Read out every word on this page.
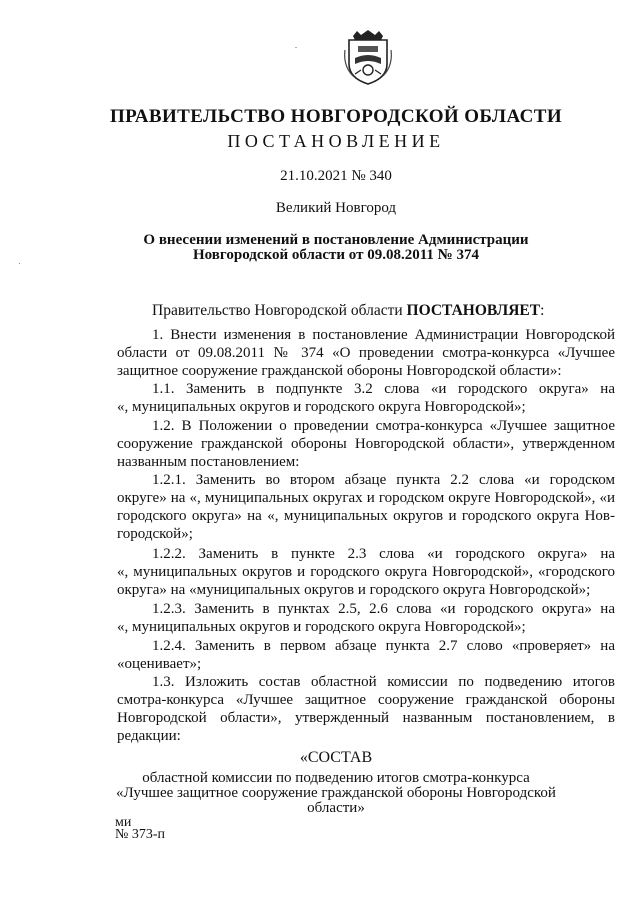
ПРАВИТЕЛЬСТВО НОВГОРОДСКОЙ ОБЛАСТИ
ПОСТАНОВЛЕНИЕ
21.10.2021 № 340
Великий Новгород
О внесении изменений в постановление Администрации
Новгородской области от 09.08.2011 № 374
Правительство Новгородской области ПОСТАНОВЛЯЕТ:
1. Внести изменения в постановление Администрации Новгородской
области от 09.08.2011 № 374 «О проведении смотра-конкурса «Лучшее
защитное сооружение гражданской обороны Новгородской области»:
1.1. Заменить в подпункте 3.2 слова «и городского округа» на
«, муниципальных округов и городского округа Новгородской»;
1.2. В Положении о проведении смотра-конкурса «Лучшее защитное
сооружение гражданской обороны Новгородской области», утвержденном
названным постановлением:
1.2.1. Заменить во втором абзаце пункта 2.2 слова «и городском
округе» на «, муниципальных округах и городском округе Новгородской», «и
городского округа» на «, муниципальных округов и городского округа Нов-
городской»;
1.2.2. Заменить в пункте 2.3 слова «и городского округа» на
«, муниципальных округов и городского округа Новгородской», «городского
округа» на «муниципальных округов и городского округа Новгородской»;
1.2.3. Заменить в пунктах 2.5, 2.6 слова «и городского округа» на
«, муниципальных округов и городского округа Новгородской»;
1.2.4. Заменить в первом абзаце пункта 2.7 слово «проверяет» на
«оценивает»;
1.3. Изложить состав областной комиссии по подведению итогов
смотра-конкурса «Лучшее защитное сооружение гражданской обороны
Новгородской области», утвержденный названным постановлением, в
редакции:
«СОСТАВ
областной комиссии по подведению итогов смотра-конкурса
«Лучшее защитное сооружение гражданской обороны Новгородской
области»
ми
№ 373-п
